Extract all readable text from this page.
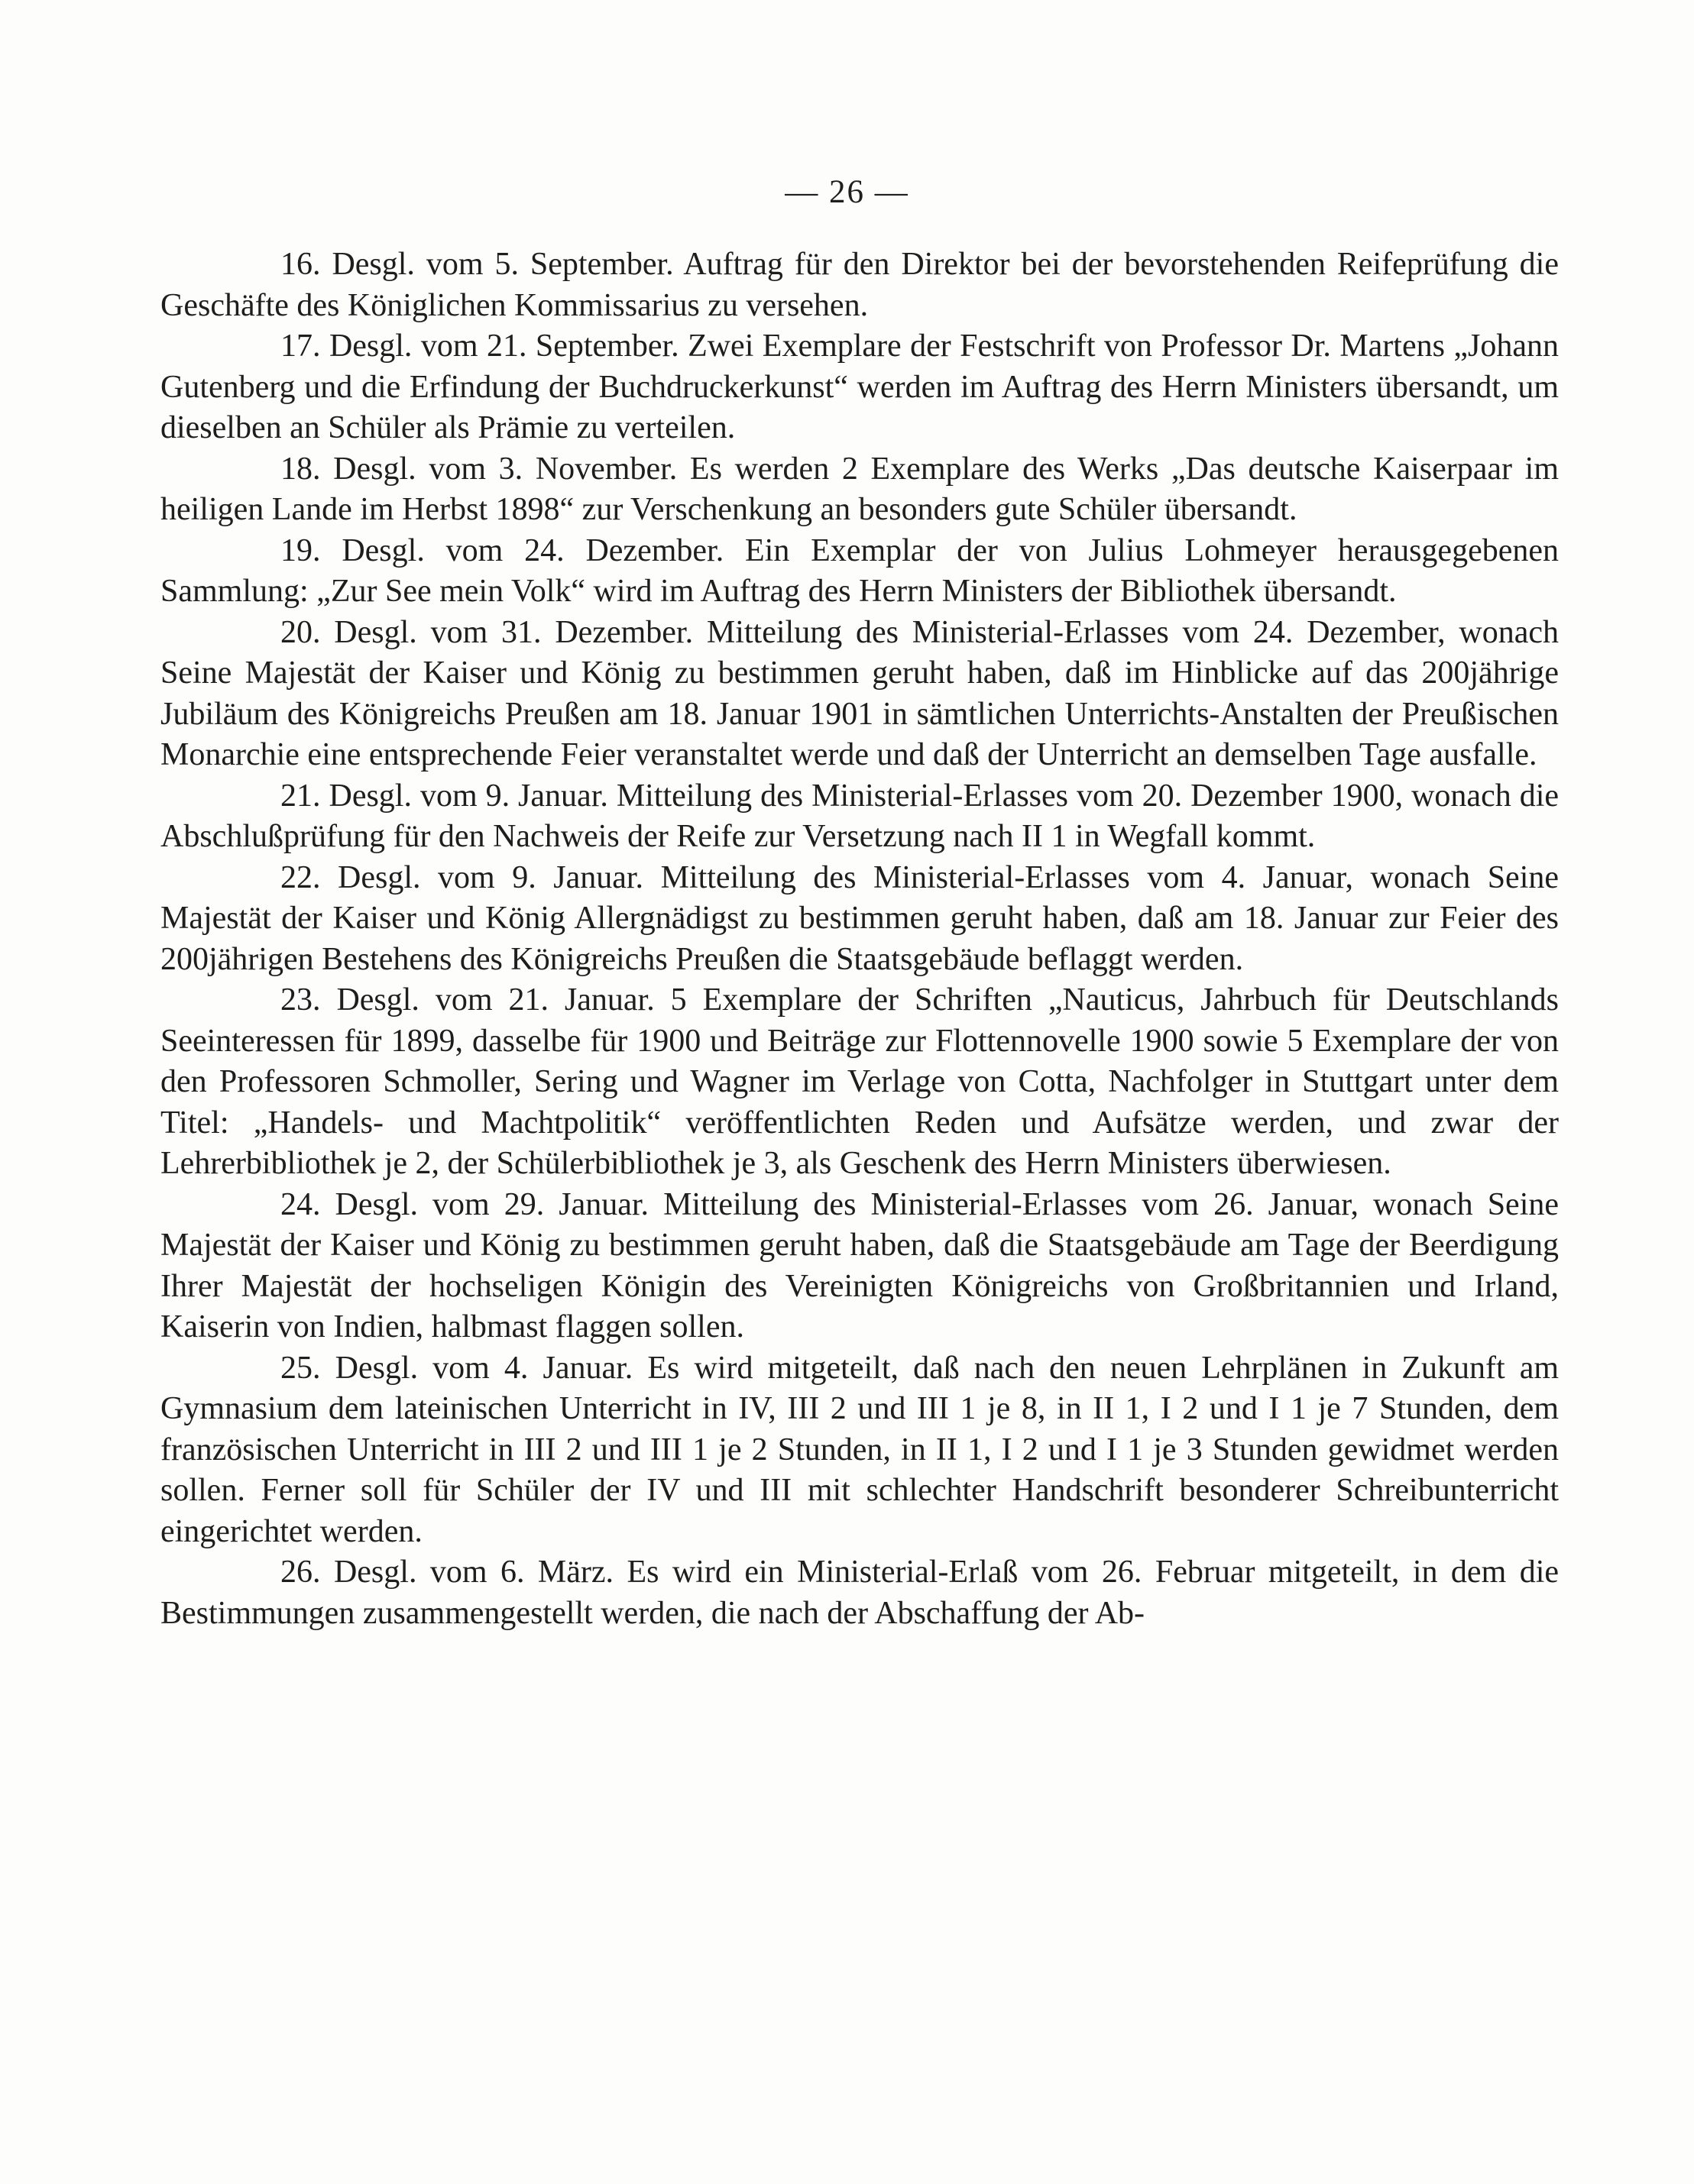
— 26 —

16. Desgl. vom 5. September. Auftrag für den Direktor bei der bevorstehenden Reifeprüfung die Geschäfte des Königlichen Kommissarius zu versehen.

17. Desgl. vom 21. September. Zwei Exemplare der Festschrift von Professor Dr. Martens „Johann Gutenberg und die Erfindung der Buchdruckerkunst“ werden im Auftrag des Herrn Ministers übersandt, um dieselben an Schüler als Prämie zu verteilen.

18. Desgl. vom 3. November. Es werden 2 Exemplare des Werks „Das deutsche Kaiserpaar im heiligen Lande im Herbst 1898“ zur Verschenkung an besonders gute Schüler übersandt.

19. Desgl. vom 24. Dezember. Ein Exemplar der von Julius Lohmeyer herausgegebenen Sammlung: „Zur See mein Volk“ wird im Auftrag des Herrn Ministers der Bibliothek übersandt.

20. Desgl. vom 31. Dezember. Mitteilung des Ministerial-Erlasses vom 24. Dezember, wonach Seine Majestät der Kaiser und König zu bestimmen geruht haben, daß im Hinblicke auf das 200jährige Jubiläum des Königreichs Preußen am 18. Januar 1901 in sämtlichen Unterrichts-Anstalten der Preußischen Monarchie eine entsprechende Feier veranstaltet werde und daß der Unterricht an demselben Tage ausfalle.

21. Desgl. vom 9. Januar. Mitteilung des Ministerial-Erlasses vom 20. Dezember 1900, wonach die Abschlußprüfung für den Nachweis der Reife zur Versetzung nach II 1 in Wegfall kommt.

22. Desgl. vom 9. Januar. Mitteilung des Ministerial-Erlasses vom 4. Januar, wonach Seine Majestät der Kaiser und König Allergnädigst zu bestimmen geruht haben, daß am 18. Januar zur Feier des 200jährigen Bestehens des Königreichs Preußen die Staatsgebäude beflaggt werden.

23. Desgl. vom 21. Januar. 5 Exemplare der Schriften „Nauticus, Jahrbuch für Deutschlands Seeinteressen für 1899, dasselbe für 1900 und Beiträge zur Flottennovelle 1900 sowie 5 Exemplare der von den Professoren Schmoller, Sering und Wagner im Verlage von Cotta, Nachfolger in Stuttgart unter dem Titel: „Handels- und Machtpolitik“ veröffentlichten Reden und Aufsätze werden, und zwar der Lehrerbibliothek je 2, der Schülerbibliothek je 3, als Geschenk des Herrn Ministers überwiesen.

24. Desgl. vom 29. Januar. Mitteilung des Ministerial-Erlasses vom 26. Januar, wonach Seine Majestät der Kaiser und König zu bestimmen geruht haben, daß die Staatsgebäude am Tage der Beerdigung Ihrer Majestät der hochseligen Königin des Vereinigten Königreichs von Großbritannien und Irland, Kaiserin von Indien, halbmast flaggen sollen.

25. Desgl. vom 4. Januar. Es wird mitgeteilt, daß nach den neuen Lehrplänen in Zukunft am Gymnasium dem lateinischen Unterricht in IV, III 2 und III 1 je 8, in II 1, I 2 und I 1 je 7 Stunden, dem französischen Unterricht in III 2 und III 1 je 2 Stunden, in II 1, I 2 und I 1 je 3 Stunden gewidmet werden sollen. Ferner soll für Schüler der IV und III mit schlechter Handschrift besonderer Schreibunterricht eingerichtet werden.

26. Desgl. vom 6. März. Es wird ein Ministerial-Erlaß vom 26. Februar mitgeteilt, in dem die Bestimmungen zusammengestellt werden, die nach der Abschaffung der Ab-
